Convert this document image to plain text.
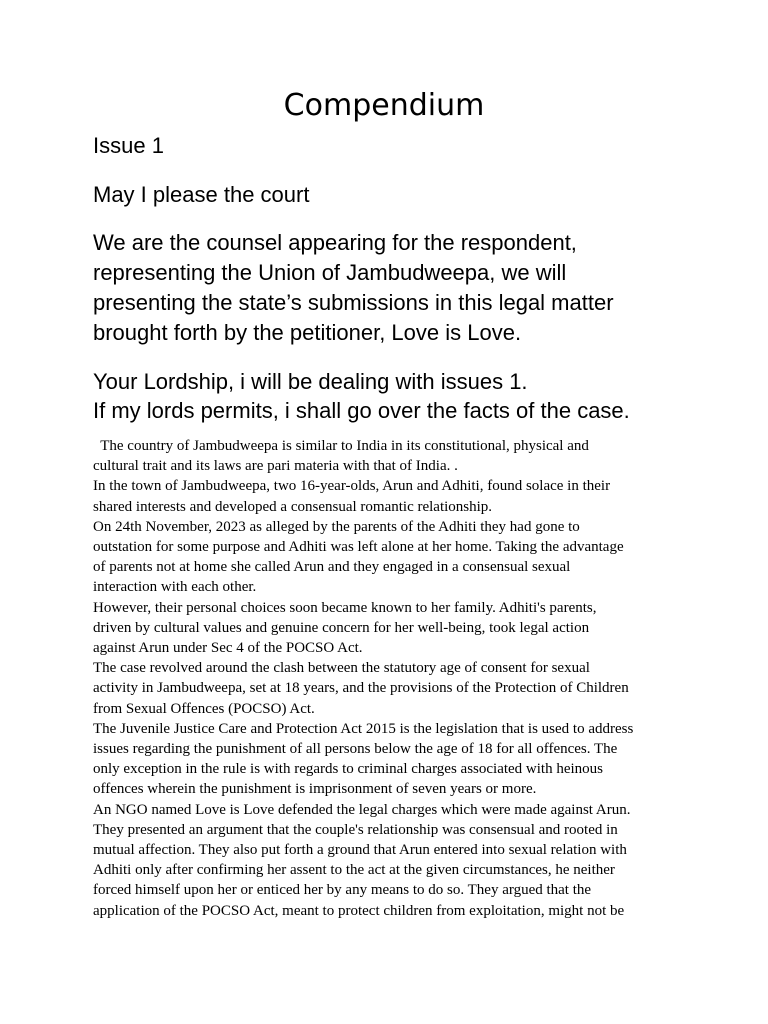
Compendium

Issue 1

May I please the court

We are the counsel appearing for the respondent,
representing the Union of Jambudweepa, we will
presenting the state’s submissions in this legal matter
brought forth by the petitioner, Love is Love.

Your Lordship, i will be dealing with issues 1.
If my lords permits, i shall go over the facts of the case.

The country of Jambudweepa is similar to India in its constitutional, physical and
cultural trait and its laws are pari materia with that of India. .
In the town of Jambudweepa, two 16-year-olds, Arun and Adhiti, found solace in their
shared interests and developed a consensual romantic relationship.
On 24th November, 2023 as alleged by the parents of the Adhiti they had gone to
outstation for some purpose and Adhiti was left alone at her home. Taking the advantage
of parents not at home she called Arun and they engaged in a consensual sexual
interaction with each other.
However, their personal choices soon became known to her family. Adhiti's parents,
driven by cultural values and genuine concern for her well-being, took legal action
against Arun under Sec 4 of the POCSO Act.
The case revolved around the clash between the statutory age of consent for sexual
activity in Jambudweepa, set at 18 years, and the provisions of the Protection of Children
from Sexual Offences (POCSO) Act.
The Juvenile Justice Care and Protection Act 2015 is the legislation that is used to address
issues regarding the punishment of all persons below the age of 18 for all offences. The
only exception in the rule is with regards to criminal charges associated with heinous
offences wherein the punishment is imprisonment of seven years or more.
An NGO named Love is Love defended the legal charges which were made against Arun.
They presented an argument that the couple's relationship was consensual and rooted in
mutual affection. They also put forth a ground that Arun entered into sexual relation with
Adhiti only after confirming her assent to the act at the given circumstances, he neither
forced himself upon her or enticed her by any means to do so. They argued that the
application of the POCSO Act, meant to protect children from exploitation, might not be
